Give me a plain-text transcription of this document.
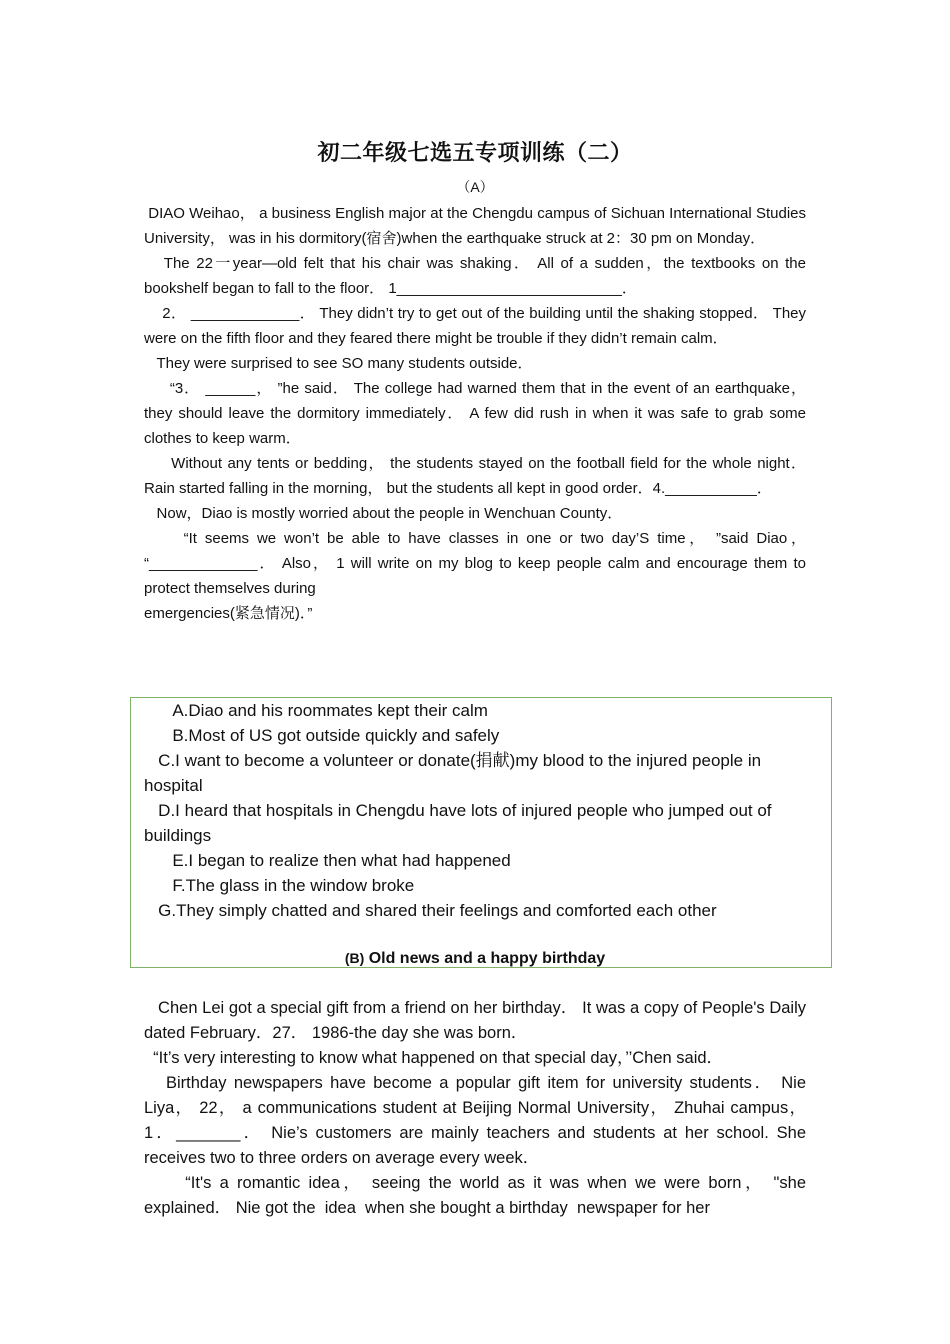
初二年级七选五专项训练（二）
（A）

DIAO Weihao， a business English major at the Chengdu campus of Sichuan International Studies University， was in his dormitory(宿舍)when the earthquake struck at 2：30 pm on Monday．

The 22一year—old felt that his chair was shaking． All of a sudden，the textbooks on the bookshelf began to fall to the floor． 1___________________________．

2． _____________． They didn’t try to get out of the building until the shaking stopped． They were on the fifth floor and they feared there might be trouble if they didn’t remain calm．

They were surprised to see SO many students outside．

“3． ______， ”he said． The college had warned them that in the event of an earthquake，they should leave the dormitory immediately． A few did rush in when it was safe to grab some clothes to keep warm．

Without any tents or bedding， the students stayed on the football field for the whole night． Rain started falling in the morning， but the students all kept in good order．4.___________．

Now，Diao is mostly worried about the people in Wenchuan County．

“It seems we won’t be able to have classes in one or two day’S time， ”said Diao， “_____________． Also， 1 will write on my blog to keep people calm and encourage them to protect themselves during

emergencies(紧急情况)．”

Chen Lei got a special gift from a friend on her birthday． It was a copy of People's Daily dated February．27． 1986-the day she was born．

“It’s very interesting to know what happened on that special day，’’Chen said．

Birthday newspapers have become a popular gift item for university students． Nie Liya， 22， a communications student at Beijing Normal University， Zhuhai campus， 1．_______． Nie’s customers are mainly teachers and students at her school. She receives two to three orders on average every week．

“It's a romantic idea， seeing the world as it was when we were born， "she explained． Nie got the  idea  when she bought a birthday  newspaper for her

A.Diao and his roommates kept their calm

B.Most of US got outside quickly and safely

C.I want to become a volunteer or donate(捐献)my blood to the injured people in hospital

D.I heard that hospitals in Chengdu have lots of injured people who jumped out of buildings

E.I began to realize then what had happened

F.The glass in the window broke

G.They simply chatted and shared their feelings and comforted each other

(B) Old news and a happy birthday
